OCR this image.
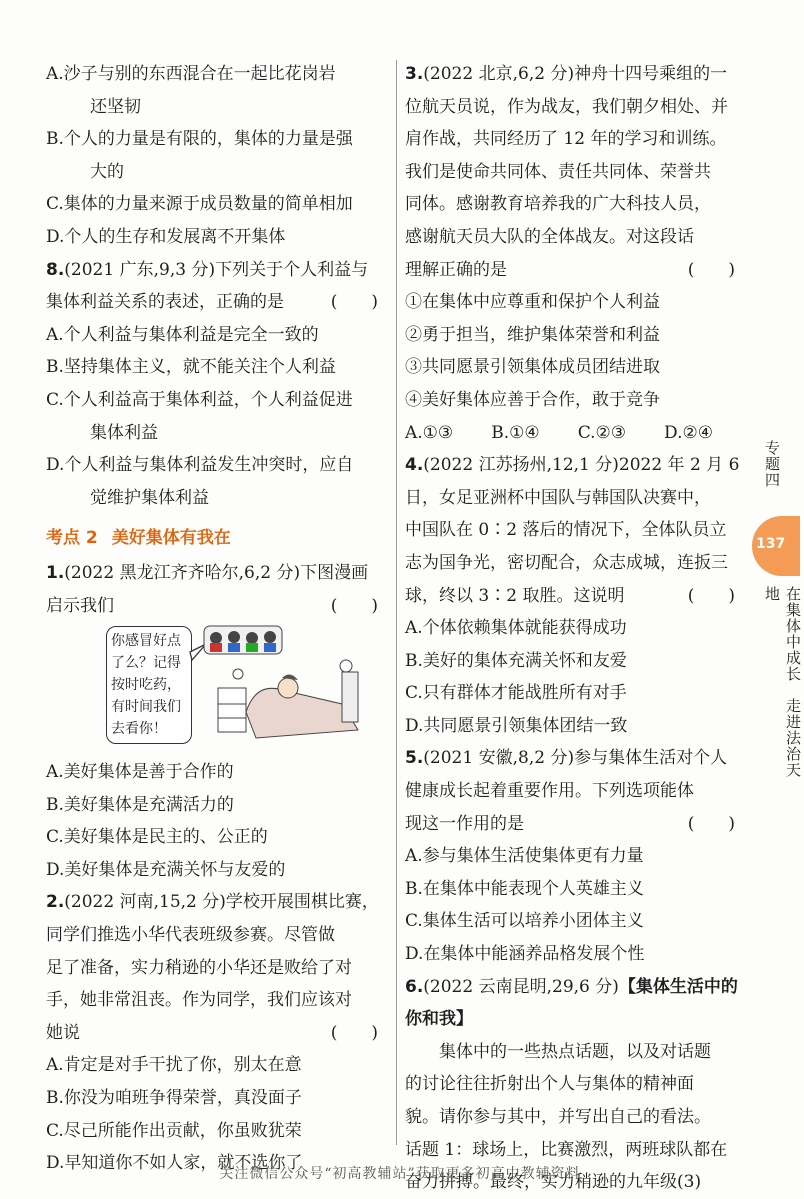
A.沙子与别的东西混合在一起比花岗岩
还坚韧
B.个人的力量是有限的，集体的力量是强
大的
C.集体的力量来源于成员数量的简单相加
D.个人的生存和发展离不开集体
8.(2021 广东,9,3 分)下列关于个人利益与
集体利益关系的表述，正确的是	(　　)
A.个人利益与集体利益是完全一致的
B.坚持集体主义，就不能关注个人利益
C.个人利益高于集体利益，个人利益促进
集体利益
D.个人利益与集体利益发生冲突时，应自
觉维护集体利益
考点 2 美好集体有我在
1.(2022 黑龙江齐齐哈尔,6,2 分)下图漫画
启示我们	(　　)
你感冒好点了么？记得按时吃药，有时间我们去看你！
A.美好集体是善于合作的
B.美好集体是充满活力的
C.美好集体是民主的、公正的
D.美好集体是充满关怀与友爱的
2.(2022 河南,15,2 分)学校开展围棋比赛，
同学们推选小华代表班级参赛。尽管做
足了准备，实力稍逊的小华还是败给了对
手，她非常沮丧。作为同学，我们应该对
她说	(　　)
A.肯定是对手干扰了你，别太在意
B.你没为咱班争得荣誉，真没面子
C.尽己所能作出贡献，你虽败犹荣
D.早知道你不如人家，就不选你了
3.(2022 北京,6,2 分)神舟十四号乘组的一
位航天员说，作为战友，我们朝夕相处、并
肩作战，共同经历了 12 年的学习和训练。
我们是使命共同体、责任共同体、荣誉共
同体。感谢教育培养我的广大科技人员，
感谢航天员大队的全体战友。对这段话
理解正确的是	(　　)
①在集体中应尊重和保护个人利益
②勇于担当，维护集体荣誉和利益
③共同愿景引领集体成员团结进取
④美好集体应善于合作，敢于竞争
A.①③ B.①④ C.②③ D.②④
4.(2022 江苏扬州,12,1 分)2022 年 2 月 6
日，女足亚洲杯中国队与韩国队决赛中，
中国队在 0∶2 落后的情况下，全体队员立
志为国争光，密切配合，众志成城，连扳三
球，终以 3∶2 取胜。这说明	(　　)
A.个体依赖集体就能获得成功
B.美好的集体充满关怀和友爱
C.只有群体才能战胜所有对手
D.共同愿景引领集体团结一致
5.(2021 安徽,8,2 分)参与集体生活对个人
健康成长起着重要作用。下列选项能体
现这一作用的是	(　　)
A.参与集体生活使集体更有力量
B.在集体中能表现个人英雄主义
C.集体生活可以培养小团体主义
D.在集体中能涵养品格发展个性
6.(2022 云南昆明,29,6 分)【集体生活中的
你和我】
集体中的一些热点话题，以及对话题
的讨论往往折射出个人与集体的精神面
貌。请你参与其中，并写出自己的看法。
话题 1：球场上，比赛激烈，两班球队都在
奋力拼搏。最终，实力稍逊的九年级(3)
专题四
137
在集体中成长　走进法治天地
关注微信公众号“初高教辅站”获取更多初高中教辅资料
